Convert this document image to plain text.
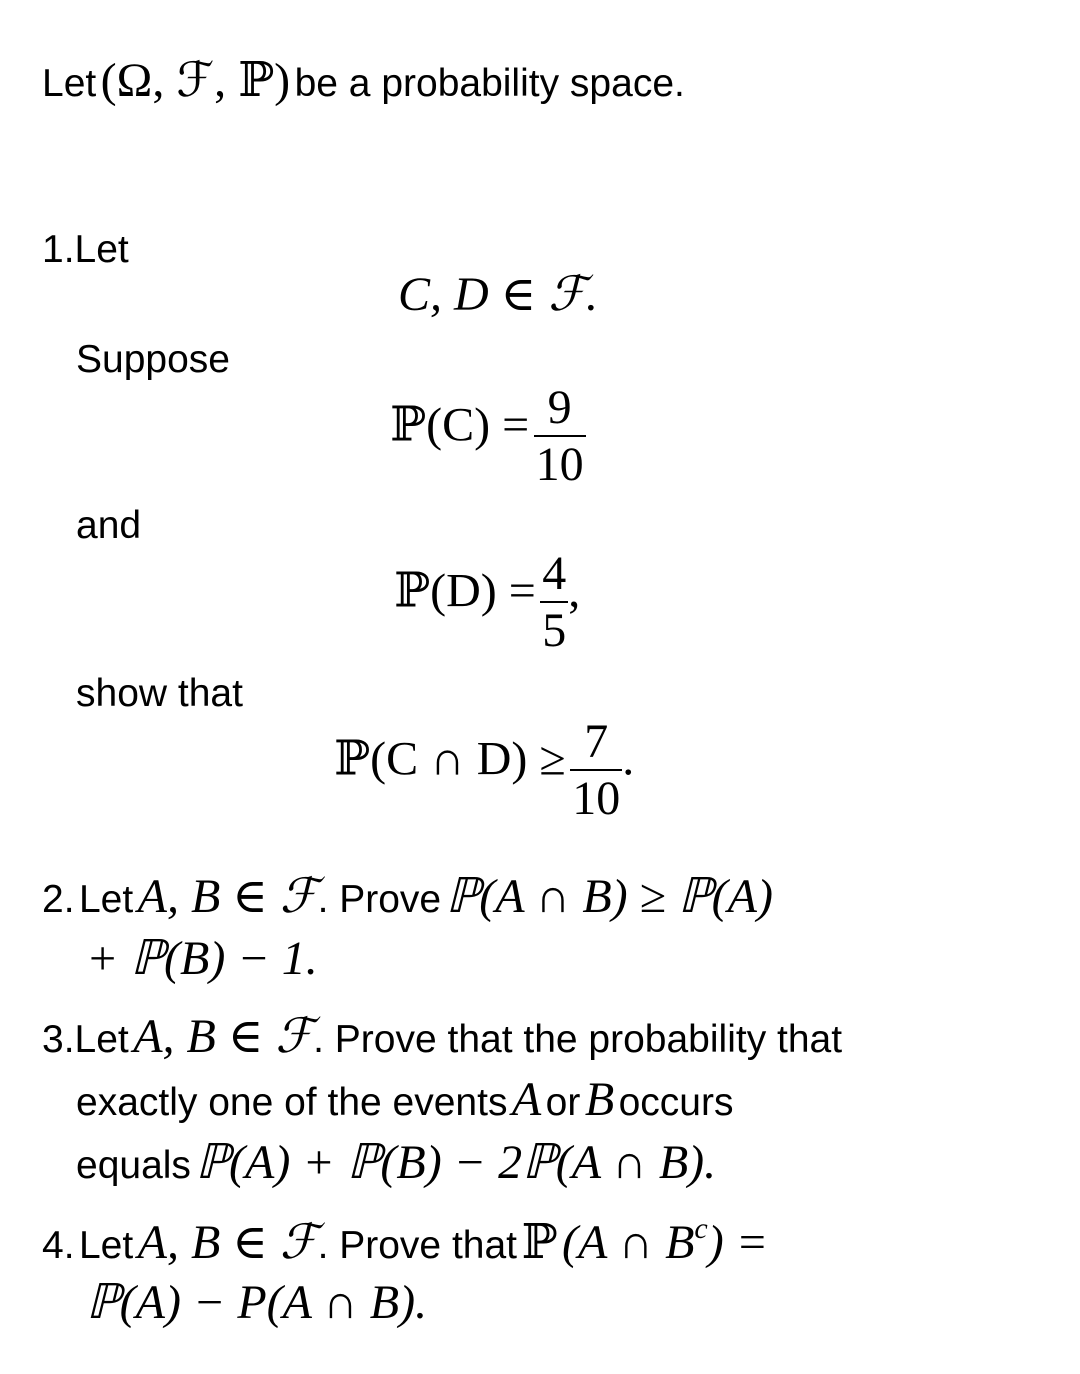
Let (Ω, ℱ, ℙ) be a probability space.
1.Let
C, D ∈ ℱ.
Suppose
ℙ(C) = $\frac{9}{10}$
and
ℙ(D) = $\frac{4}{5}$ ,
show that
ℙ(C ∩ $D) \ge \frac{7}{10}$ .
2. Let A, B ∈ ℱ. Prove ℙ(A ∩ B) ≥ ℙ(A)
+ ℙ(B) − 1.
3.Let A, B ∈ ℱ. Prove that the probability that
exactly one of the events A or B occurs
equals ℙ(A) + ℙ(B) − 2ℙ(A ∩ B).
4. Let A, B ∈ ℱ. Prove that ℙ (A ∩ Bc) =
ℙ(A) − P(A ∩ B).
